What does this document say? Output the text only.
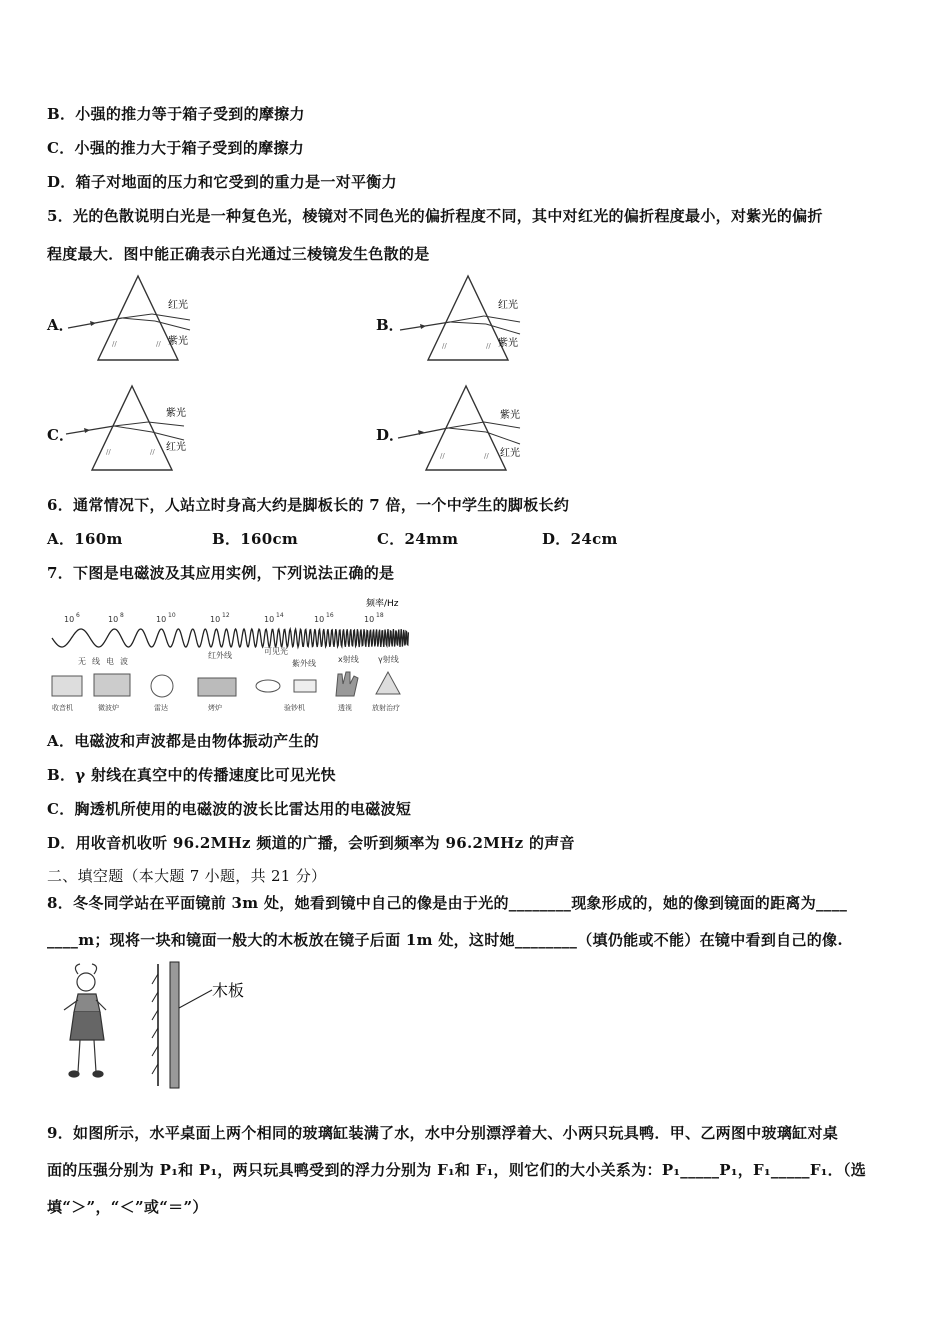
B．小强的推力等于箱子受到的摩擦力
C．小强的推力大于箱子受到的摩擦力
D．箱子对地面的压力和它受到的重力是一对平衡力
5．光的色散说明白光是一种复色光，棱镜对不同色光的偏折程度不同，其中对红光的偏折程度最小，对紫光的偏折
程度最大．图中能正确表示白光通过三棱镜发生色散的是
A．	B．
C．	D．
红光
紫光
//	//
红光
紫光
//	//
紫光
红光
//	//
紫光
红光
//	//
6．通常情况下，人站立时身高大约是脚板长的 7 倍，一个中学生的脚板长约
A．160m	B．160cm	C．24mm	D．24cm
7．下图是电磁波及其应用实例，下列说法正确的是
频率/Hz
10 6	10 8	10 10	10 12	10 14	10 16	10 18
无线电波
红外线	可见光
紫外线	x射线 γ射线
收音机	微波炉	雷达	烤炉	验钞机	透视	放射治疗
A．电磁波和声波都是由物体振动产生的
B．γ 射线在真空中的传播速度比可见光快
C．胸透机所使用的电磁波的波长比雷达用的电磁波短
D．用收音机收听 96.2MHz 频道的广播，会听到频率为 96.2MHz 的声音
二、填空题（本大题 7 小题，共 21 分）
8．冬冬同学站在平面镜前 3m 处，她看到镜中自己的像是由于光的________现象形成的，她的像到镜面的距离为____
____m；现将一块和镜面一般大的木板放在镜子后面 1m 处，这时她________（填仍能或不能）在镜中看到自己的像.
木板
9．如图所示，水平桌面上两个相同的玻璃缸装满了水，水中分别漂浮着大、小两只玩具鸭．甲、乙两图中玻璃缸对桌
面的压强分别为 P₁和 P₁，两只玩具鸭受到的浮力分别为 F₁和 F₁，则它们的大小关系为：P₁_____P₁，F₁_____F₁．（选
填“＞”，“＜”或“＝”）
